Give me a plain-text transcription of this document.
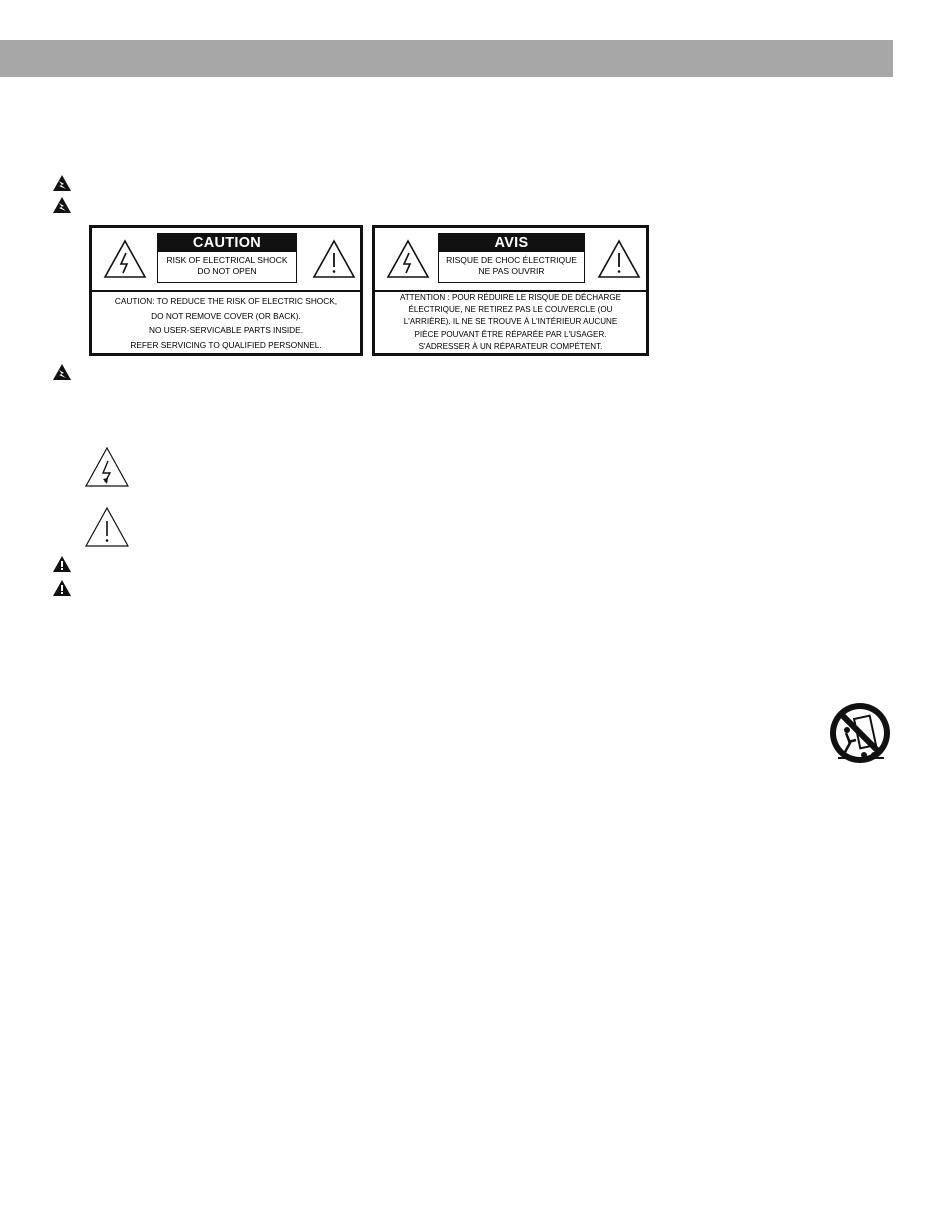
CAUTION
RISK OF ELECTRICAL SHOCK
DO NOT OPEN
CAUTION: TO REDUCE THE RISK OF ELECTRIC SHOCK,
DO NOT REMOVE COVER (OR BACK).
NO USER-SERVICABLE PARTS INSIDE.
REFER SERVICING TO QUALIFIED PERSONNEL.
AVIS
RISQUE DE CHOC ÉLECTRIQUE
NE PAS OUVRIR
ATTENTION : POUR RÉDUIRE LE RISQUE DE DÉCHARGE
ÉLECTRIQUE, NE RETIREZ PAS LE COUVERCLE (OU
L'ARRIÈRE). IL NE SE TROUVE À L'INTÉRIEUR AUCUNE
PIÈCE POUVANT ÊTRE RÉPARÉE PAR L'USAGER.
S'ADRESSER À UN RÉPARATEUR COMPÉTENT.
